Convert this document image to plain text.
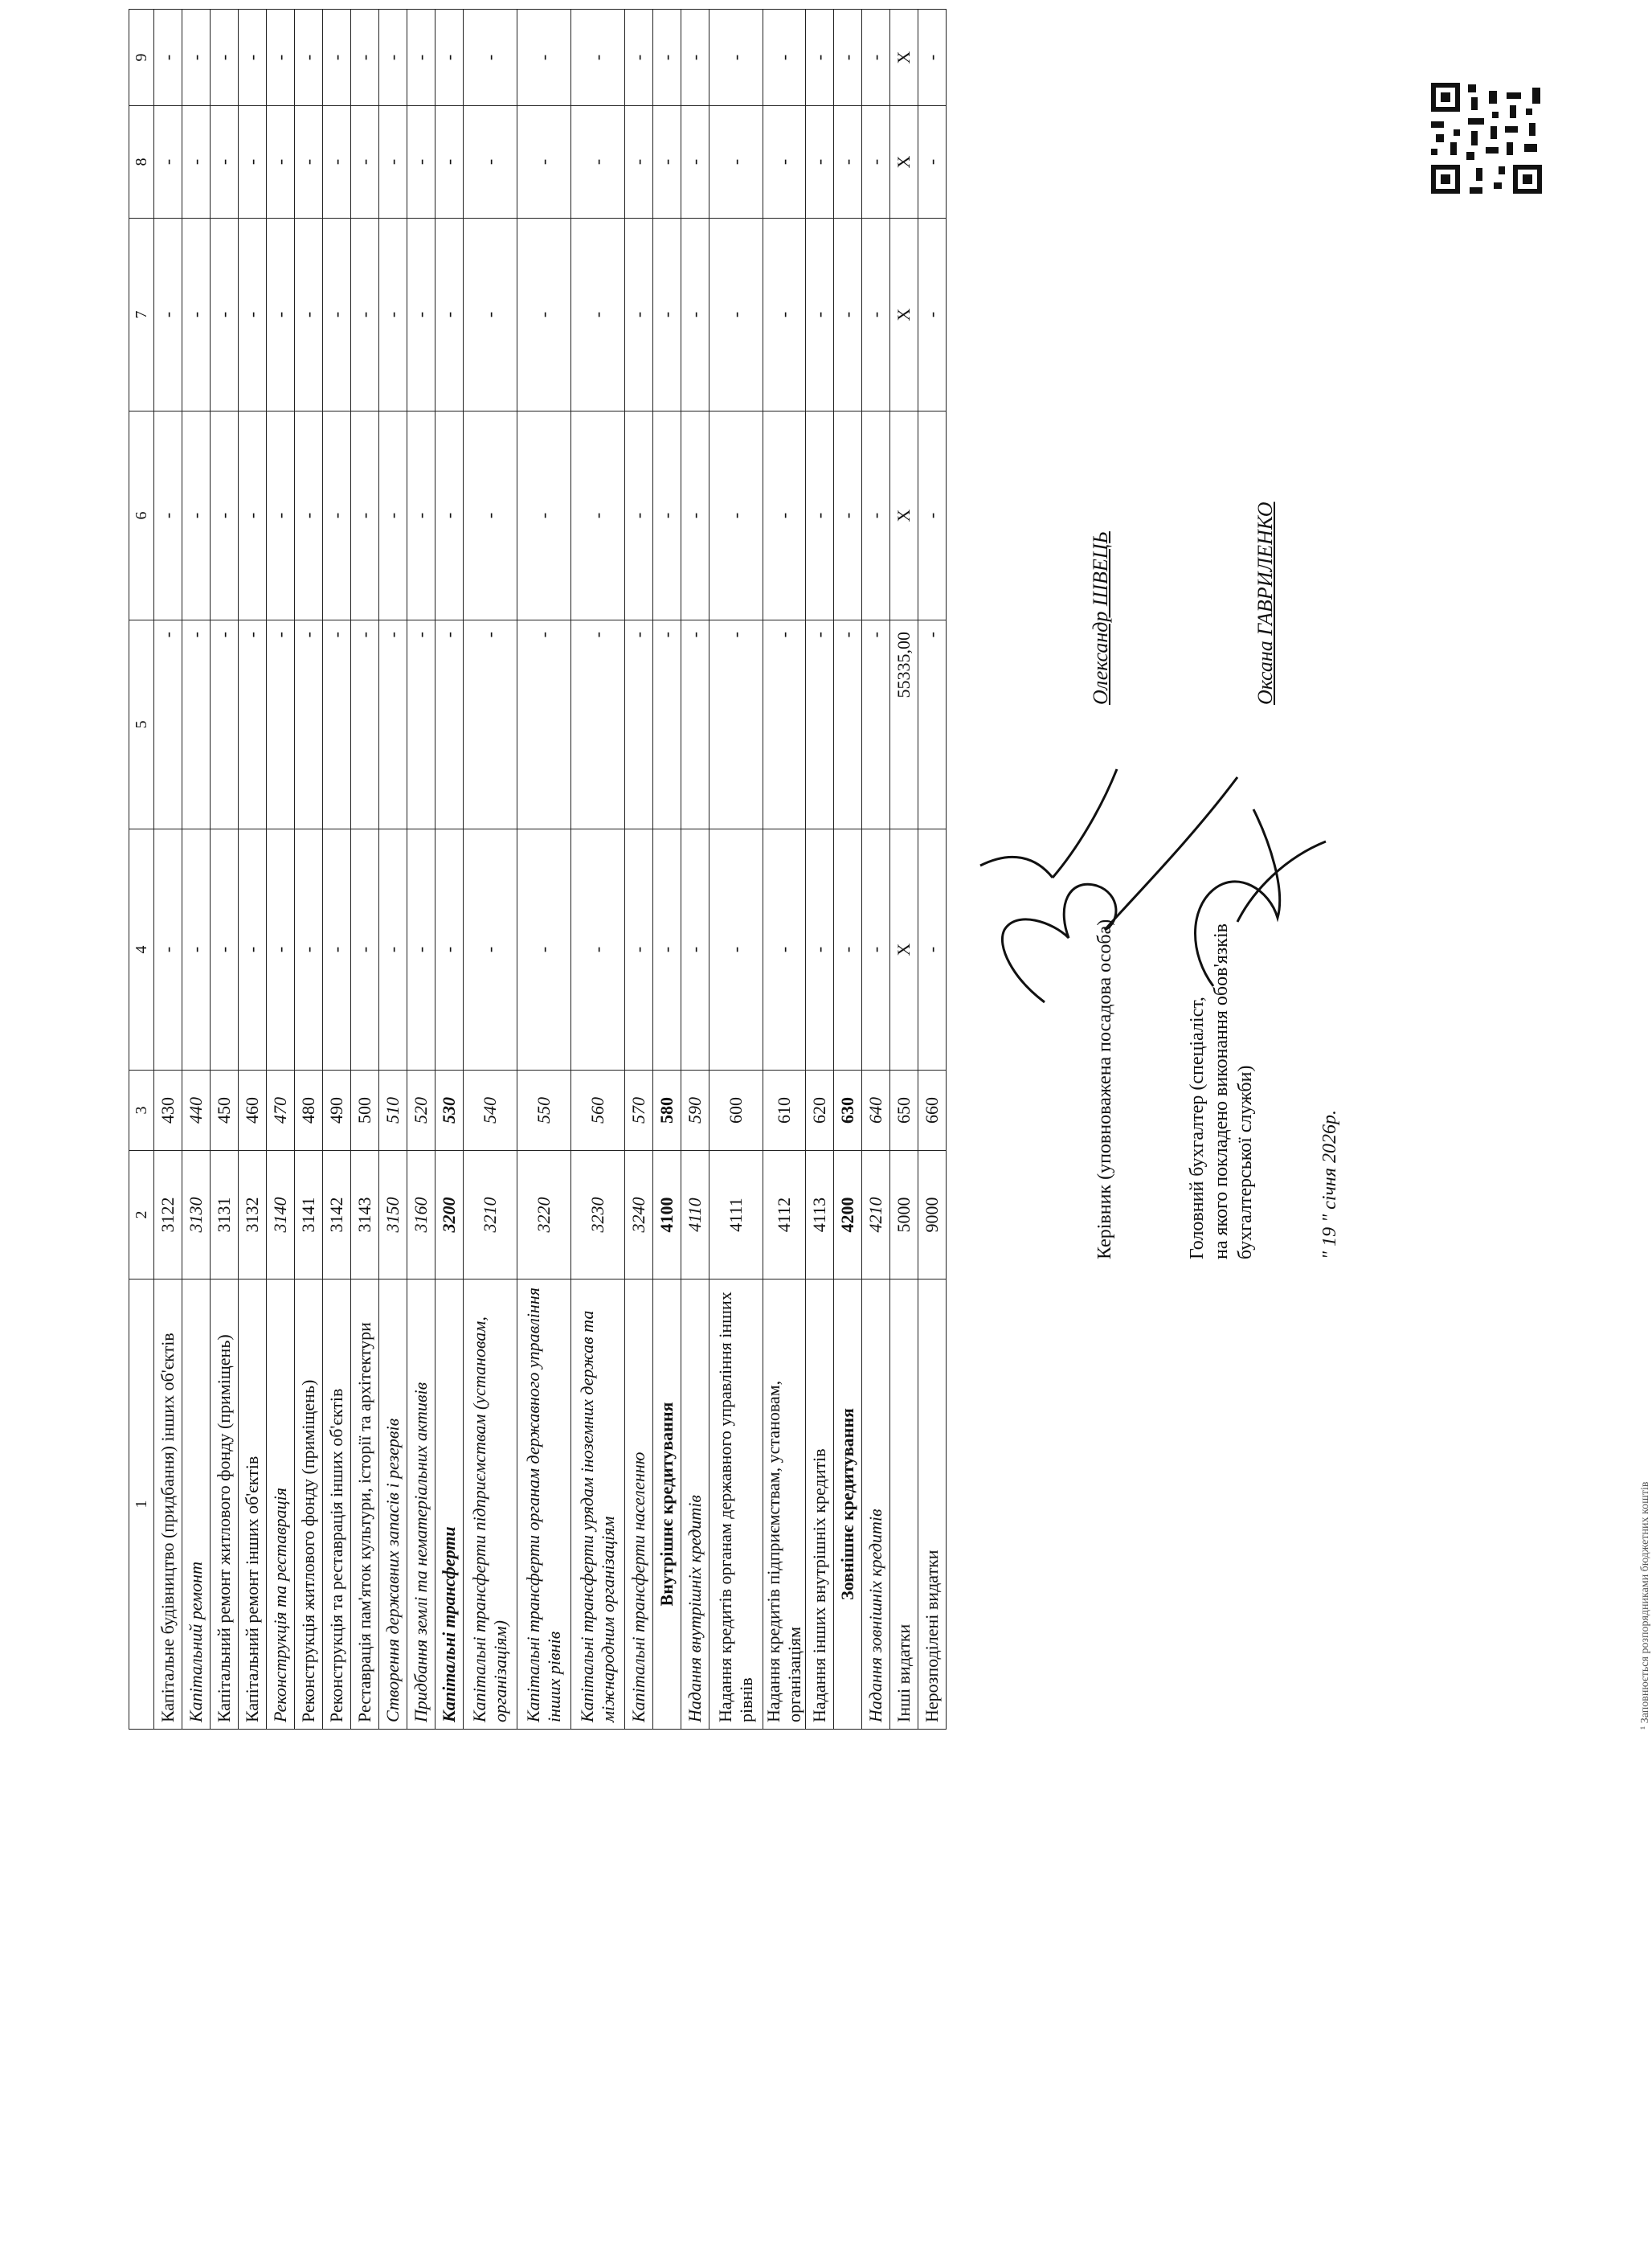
1	2	3	4	5	6	7	8	9
Капітальне будівництво (придбання) інших об'єктів	3122	430	-	-	-	-	-	-
Капітальний ремонт	3130	440	-	-	-	-	-	-
Капітальний ремонт житлового фонду (приміщень)	3131	450	-	-	-	-	-	-
Капітальний ремонт інших об'єктів	3132	460	-	-	-	-	-	-
Реконструкція та реставрація	3140	470	-	-	-	-	-	-
Реконструкція житлового фонду (приміщень)	3141	480	-	-	-	-	-	-
Реконструкція та реставрація інших об'єктів	3142	490	-	-	-	-	-	-
Реставрація пам'яток культури, історії та архітектури	3143	500	-	-	-	-	-	-
Створення державних запасів і резервів	3150	510	-	-	-	-	-	-
Придбання землі та нематеріальних активів	3160	520	-	-	-	-	-	-
Капітальні трансферти	3200	530	-	-	-	-	-	-
Капітальні трансферти підприємствам (установам, організаціям)	3210	540	-	-	-	-	-	-
Капітальні трансферти органам державного управління інших рівнів	3220	550	-	-	-	-	-	-
Капітальні трансферти урядам іноземних держав та міжнародним організаціям	3230	560	-	-	-	-	-	-
Капітальні трансферти населенню	3240	570	-	-	-	-	-	-
Внутрішнє кредитування	4100	580	-	-	-	-	-	-
Надання внутрішніх кредитів	4110	590	-	-	-	-	-	-
Надання кредитів органам державного управління інших рівнів	4111	600	-	-	-	-	-	-
Надання кредитів підприємствам, установам, організаціям	4112	610	-	-	-	-	-	-
Надання інших внутрішніх кредитів	4113	620	-	-	-	-	-	-
Зовнішнє кредитування	4200	630	-	-	-	-	-	-
Надання зовнішніх кредитів	4210	640	-	-	-	-	-	-
Інші видатки	5000	650	X	55335,00	X	X	X	X
Нерозподілені видатки	9000	660	-	-	-	-	-	-
¹ Заповнюється розпорядниками бюджетних коштів
Керівник (уповноважена посадова особа)
Олександр ШВЕЦЬ
Головний бухгалтер (спеціаліст, на якого покладено виконання обов'язків бухгалтерської служби)
Оксана ГАВРИЛЕНКО
" 19 " січня 2026р.
